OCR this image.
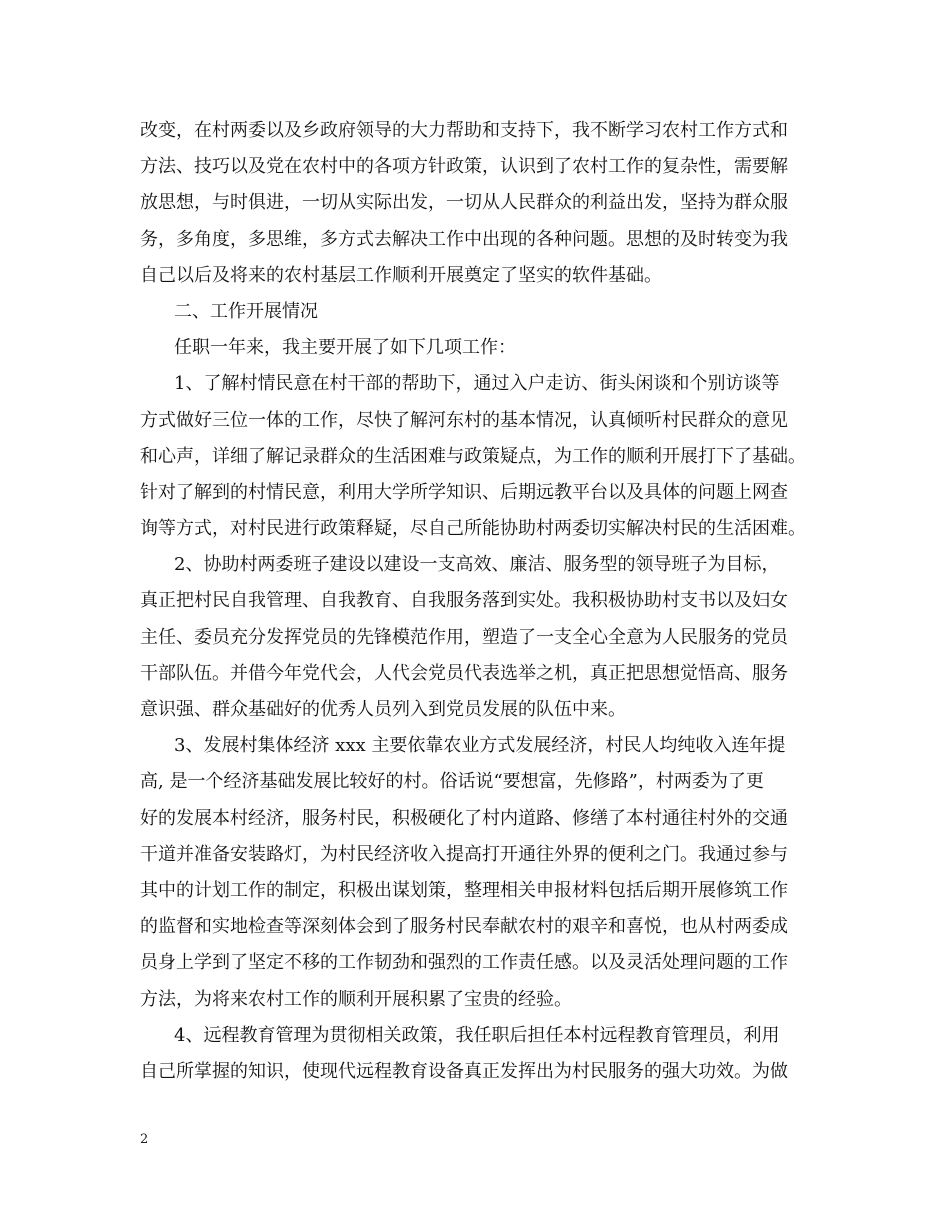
改变，在村两委以及乡政府领导的大力帮助和支持下，我不断学习农村工作方式和
方法、技巧以及党在农村中的各项方针政策，认识到了农村工作的复杂性，需要解
放思想，与时俱进，一切从实际出发，一切从人民群众的利益出发，坚持为群众服
务，多角度，多思维，多方式去解决工作中出现的各种问题。思想的及时转变为我
自己以后及将来的农村基层工作顺利开展奠定了坚实的软件基础。
二、工作开展情况
任职一年来，我主要开展了如下几项工作：
1、了解村情民意在村干部的帮助下，通过入户走访、街头闲谈和个别访谈等
方式做好三位一体的工作，尽快了解河东村的基本情况，认真倾听村民群众的意见
和心声，详细了解记录群众的生活困难与政策疑点，为工作的顺利开展打下了基础。
针对了解到的村情民意，利用大学所学知识、后期远教平台以及具体的问题上网查
询等方式，对村民进行政策释疑，尽自己所能协助村两委切实解决村民的生活困难。
2、协助村两委班子建设以建设一支高效、廉洁、服务型的领导班子为目标，
真正把村民自我管理、自我教育、自我服务落到实处。我积极协助村支书以及妇女
主任、委员充分发挥党员的先锋模范作用，塑造了一支全心全意为人民服务的党员
干部队伍。并借今年党代会，人代会党员代表选举之机，真正把思想觉悟高、服务
意识强、群众基础好的优秀人员列入到党员发展的队伍中来。
3、发展村集体经济 xxx 主要依靠农业方式发展经济，村民人均纯收入连年提
高, 是一个经济基础发展比较好的村。俗话说“要想富，先修路”，村两委为了更
好的发展本村经济，服务村民，积极硬化了村内道路、修缮了本村通往村外的交通
干道并准备安装路灯，为村民经济收入提高打开通往外界的便利之门。我通过参与
其中的计划工作的制定，积极出谋划策，整理相关申报材料包括后期开展修筑工作
的监督和实地检查等深刻体会到了服务村民奉献农村的艰辛和喜悦，也从村两委成
员身上学到了坚定不移的工作韧劲和强烈的工作责任感。以及灵活处理问题的工作
方法，为将来农村工作的顺利开展积累了宝贵的经验。
4、远程教育管理为贯彻相关政策，我任职后担任本村远程教育管理员，利用
自己所掌握的知识，使现代远程教育设备真正发挥出为村民服务的强大功效。为做
2
